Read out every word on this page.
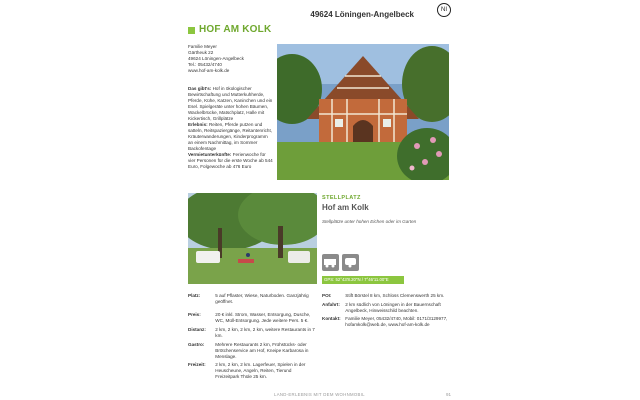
49624 Löningen-Angelbeck	NI
HOF AM KOLK

Familie Meyer

Gärtheuk 22

49624 Löningen-Angelbeck

Tel.: 05432/4740

www.hof-am-kolk.de

Das gibt's: Hof in ökologischer Bewirtschaftung und Mutterkuhherde, Pferde, Kühe, Katzen, Kaninchen und ein Esel. Spielgeräte unter hohen Bäumen, Wackelbrücke, Matschplatz, Halle mit Kickertisch, Grillplätze

Erlebnis: Reiten, Pferde putzen und satteln, Reitspaziergänge, Reitantenricht, Kräuterwanderungen, Kinderprogramm an einem Nachmittag, im Sommer Backofentage

Vermietunterkünfte: Ferienwoche für vier Personen für die erste Woche ab 544 Euro, Folgewoche ab 476 Euro

STELLPLATZ
Hof am Kolk
Stellplätze unter hohen Eichen oder im Garten
GPS: 52°43'8.20"N / 7°46'11.00"E
Platz:	5 auf Pflaster, Wiese, Naturboden. Ganzjährig geöffnet.
Preis:	20 € inkl. Strom, Wasser, Entsorgung, Dusche, WC, Müll-Entsorgung. Jede weitere Pers. 5 €.
Distanz: 2 km, 2 km, 2 km, 2 km, weitere Restaurants in 7 km.
Gastro: Mehrere Restaurants 2 km, Frühstücks- oder Brötchenservice am Hof, Kneipe Karbarosa in Menslage.
Freizeit: 2 km, 2 km, 2 km. Lagerfeuer, Spielen in der Heuscheune, Angeln, Reiten, Tierund Freizeitpark Thüle 25 km.
POI:	Stift Börstel 8 km, Schloss Clemenswerth 25 km.
Anfahrt: 2 km südlich von Löningen in der Bauernschaft Angelbeck, Hinweisschild beachten.
Kontakt: Familie Meyer, 05432/4740, Mobil: 0171/3129977, hofamkolk@web.de, www.hof-am-kolk.de
LAND-ERLEBNIS MIT DEM WOHNMOBIL	91
